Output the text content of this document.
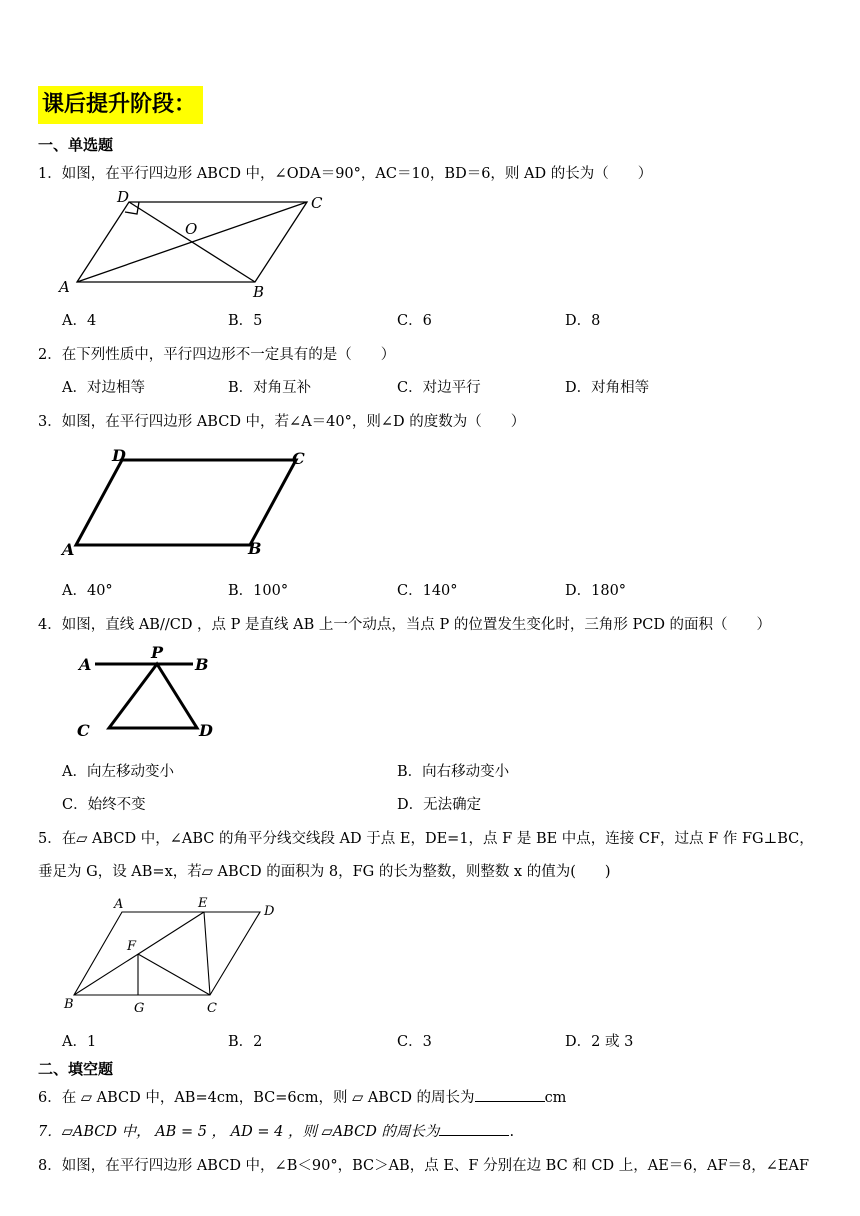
课后提升阶段：
一、单选题
1．如图，在平行四边形 ABCD 中，∠ODA＝90°，AC＝10，BD＝6，则 AD 的长为（　　）
A	B
C
D
O
A．4	B．5	C．6	D．8
2．在下列性质中，平行四边形不一定具有的是（　　）
A．对边相等	B．对角互补	C．对边平行	D．对角相等
3．如图，在平行四边形 ABCD 中，若∠A＝40°，则∠D 的度数为（　　）
A	B
C
D
A．40°	B．100°	C．140°	D．180°
4．如图，直线 AB//CD ，点 P 是直线 AB 上一个动点，当点 P 的位置发生变化时，三角形 PCD 的面积（　　）
A	B
P
C	D
A．向左移动变小	B．向右移动变小
C．始终不变	D．无法确定
5．在▱ ABCD 中，∠ABC 的角平分线交线段 AD 于点 E，DE=1，点 F 是 BE 中点，连接 CF，过点 F 作 FG⊥BC，
垂足为 G，设 AB=x，若▱ ABCD 的面积为 8，FG 的长为整数，则整数 x 的值为(　　)
A	E
D
F
B	G	C
A．1	B．2	C．3	D．2 或 3
二、填空题
6．在 ▱ ABCD 中，AB=4cm，BC=6cm，则 ▱ ABCD 的周长为	cm
7．▱ABCD 中， AB = 5 ， AD = 4 ，则 ▱ABCD 的周长为	.
8．如图，在平行四边形 ABCD 中，∠B＜90°，BC＞AB，点 E、F 分别在边 BC 和 CD 上，AE＝6，AF＝8，∠EAF
